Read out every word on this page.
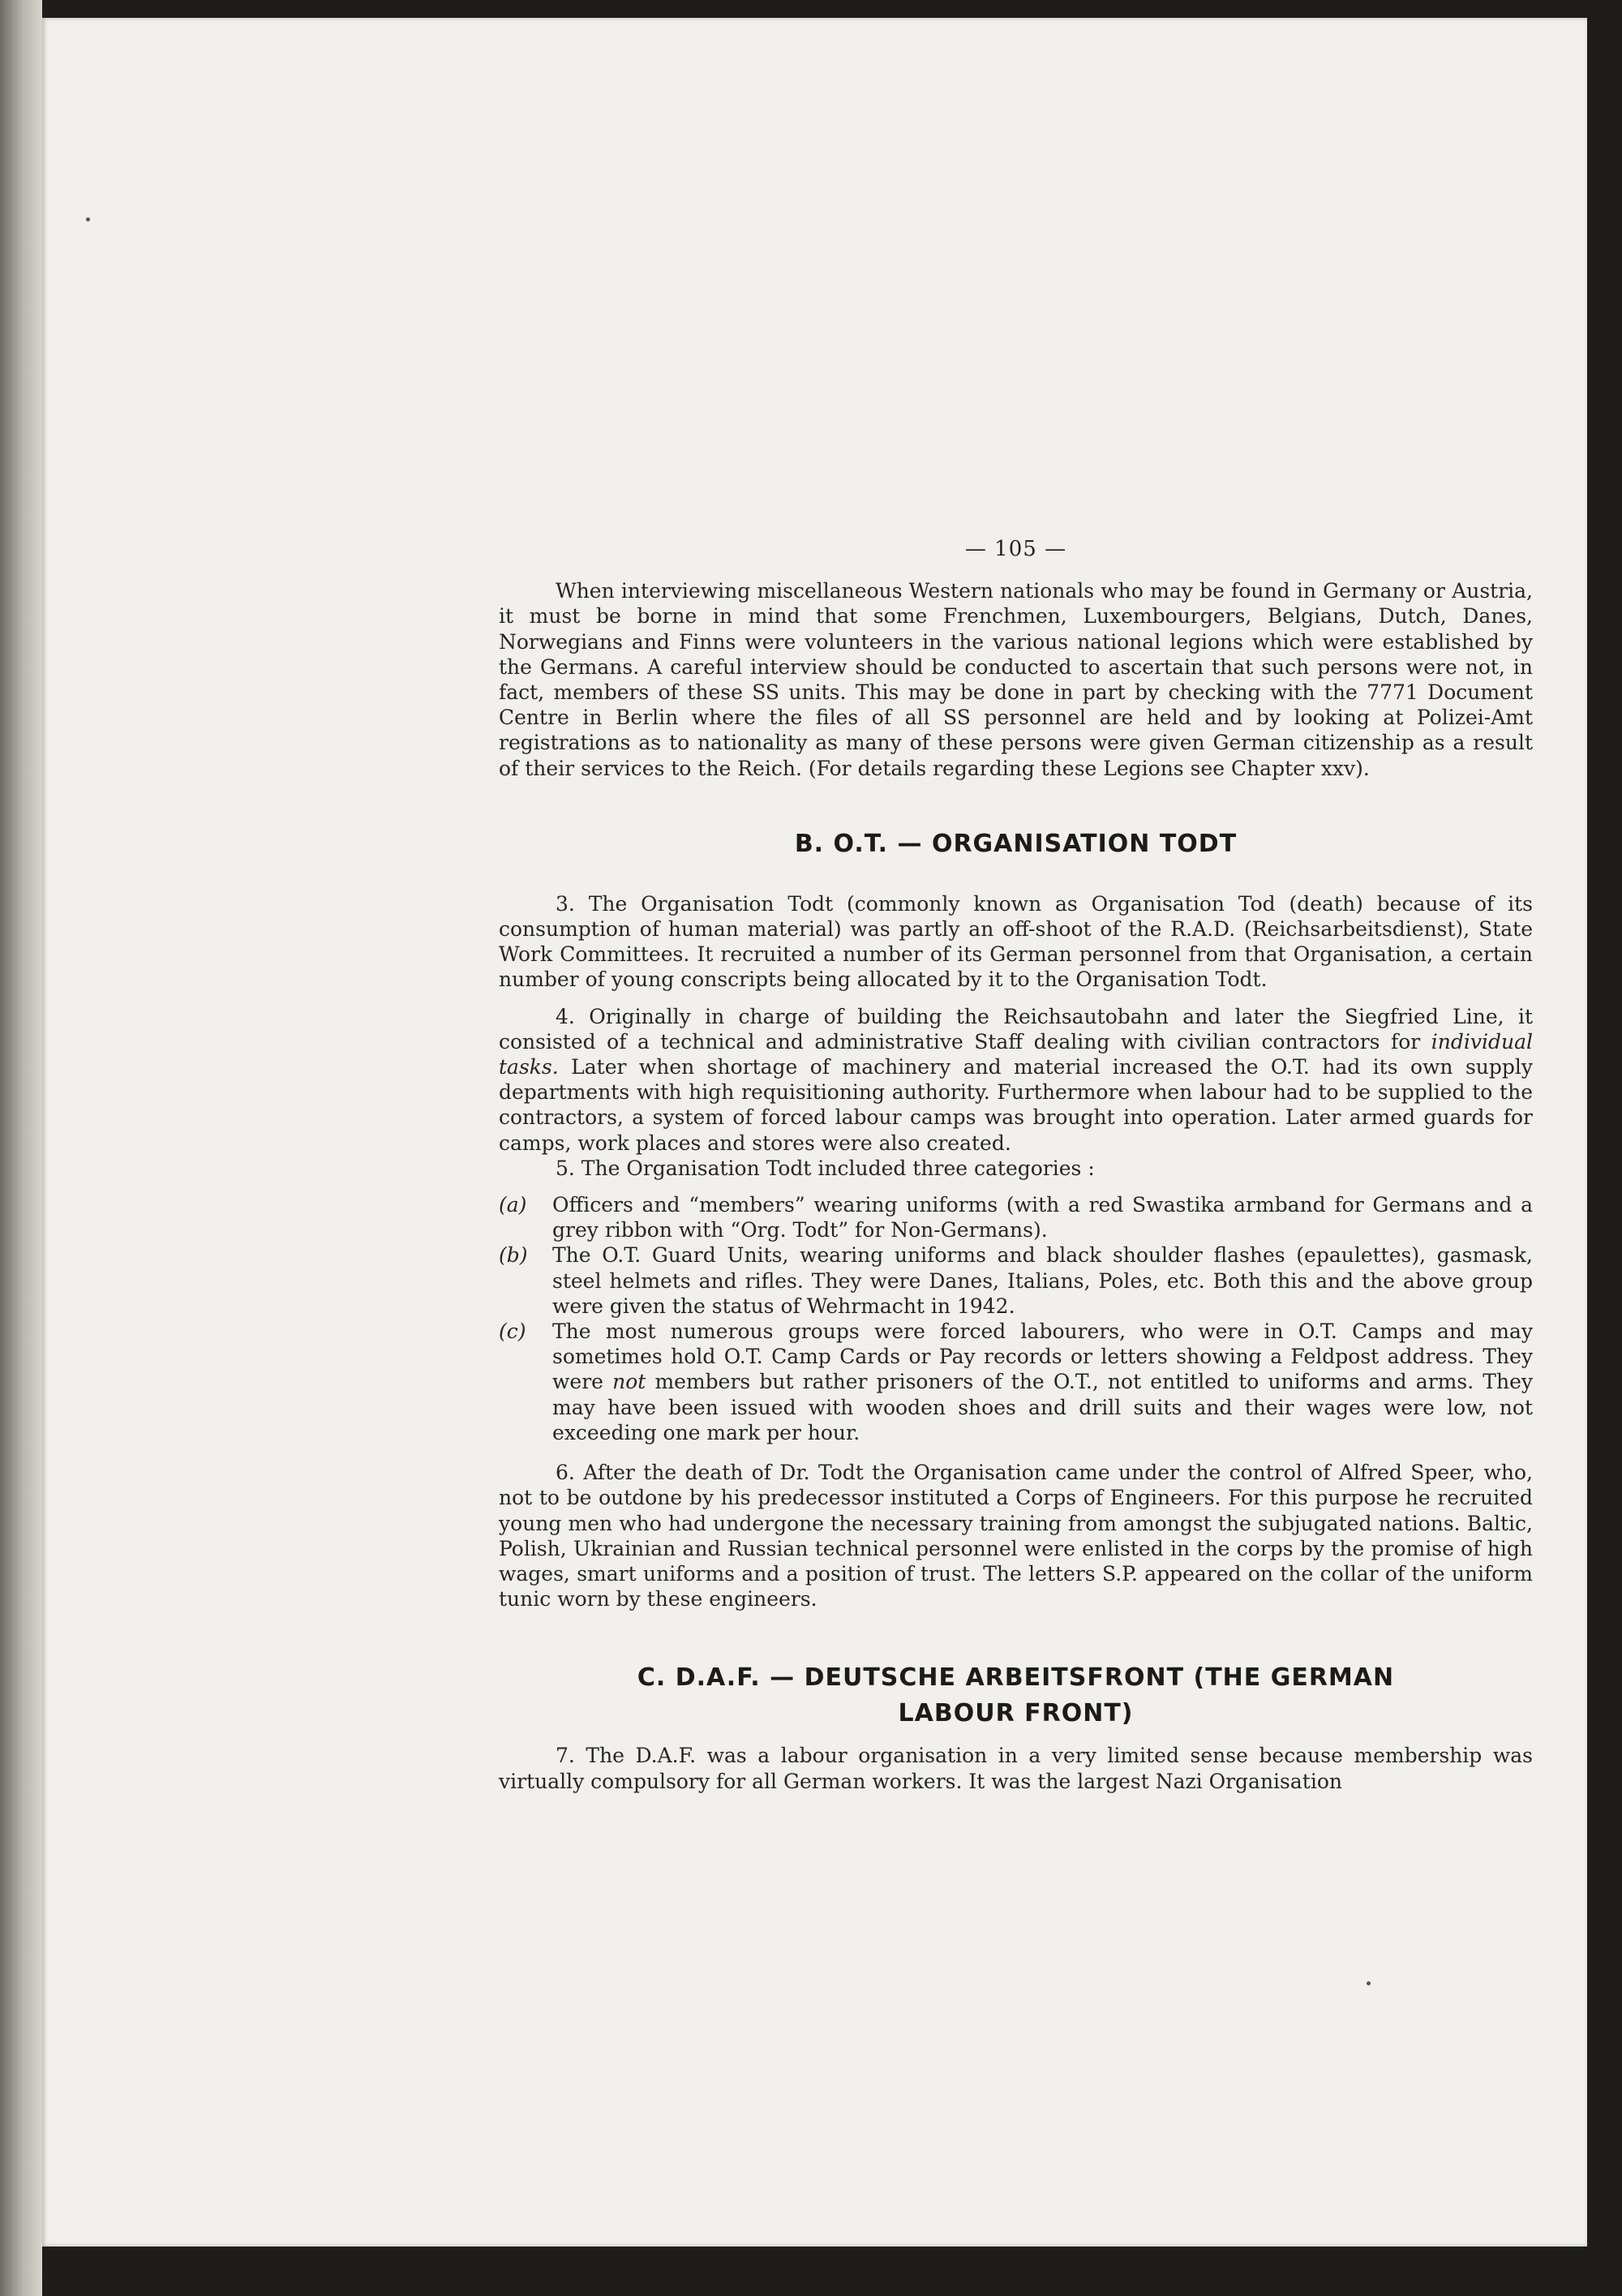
— 105 —

When interviewing miscellaneous Western nationals who may be found in Germany or Austria, it must be borne in mind that some Frenchmen, Luxembourgers, Belgians, Dutch, Danes, Norwegians and Finns were volunteers in the various national legions which were established by the Germans. A careful interview should be conducted to ascertain that such persons were not, in fact, members of these SS units. This may be done in part by checking with the 7771 Document Centre in Berlin where the files of all SS personnel are held and by looking at Polizei-Amt registrations as to nationality as many of these persons were given German citizenship as a result of their services to the Reich. (For details regarding these Legions see Chapter xxv).

B. O.T. — ORGANISATION TODT

3. The Organisation Todt (commonly known as Organisation Tod (death) because of its consumption of human material) was partly an off-shoot of the R.A.D. (Reichsarbeitsdienst), State Work Committees. It recruited a number of its German personnel from that Organisation, a certain number of young conscripts being allocated by it to the Organisation Todt.

4. Originally in charge of building the Reichsautobahn and later the Siegfried Line, it consisted of a technical and administrative Staff dealing with civilian contractors for individual tasks. Later when shortage of machinery and material increased the O.T. had its own supply departments with high requisitioning authority. Furthermore when labour had to be supplied to the contractors, a system of forced labour camps was brought into operation. Later armed guards for camps, work places and stores were also created.

5. The Organisation Todt included three categories :

(a)	Officers and “members” wearing uniforms (with a red Swastika armband for Germans and a grey ribbon with “Org. Todt” for Non-Germans).
(b)	The O.T. Guard Units, wearing uniforms and black shoulder flashes (epaulettes), gasmask, steel helmets and rifles. They were Danes, Italians, Poles, etc. Both this and the above group were given the status of Wehrmacht in 1942.
(c)	The most numerous groups were forced labourers, who were in O.T. Camps and may sometimes hold O.T. Camp Cards or Pay records or letters showing a Feldpost address. They were not members but rather prisoners of the O.T., not entitled to uniforms and arms. They may have been issued with wooden shoes and drill suits and their wages were low, not exceeding one mark per hour.

6. After the death of Dr. Todt the Organisation came under the control of Alfred Speer, who, not to be outdone by his predecessor instituted a Corps of Engineers. For this purpose he recruited young men who had undergone the necessary training from amongst the subjugated nations. Baltic, Polish, Ukrainian and Russian technical personnel were enlisted in the corps by the promise of high wages, smart uniforms and a position of trust. The letters S.P. appeared on the collar of the uniform tunic worn by these engineers.

C. D.A.F. — DEUTSCHE ARBEITSFRONT (THE GERMAN
LABOUR FRONT)

7. The D.A.F. was a labour organisation in a very limited sense because membership was virtually compulsory for all German workers. It was the largest Nazi Organisation
